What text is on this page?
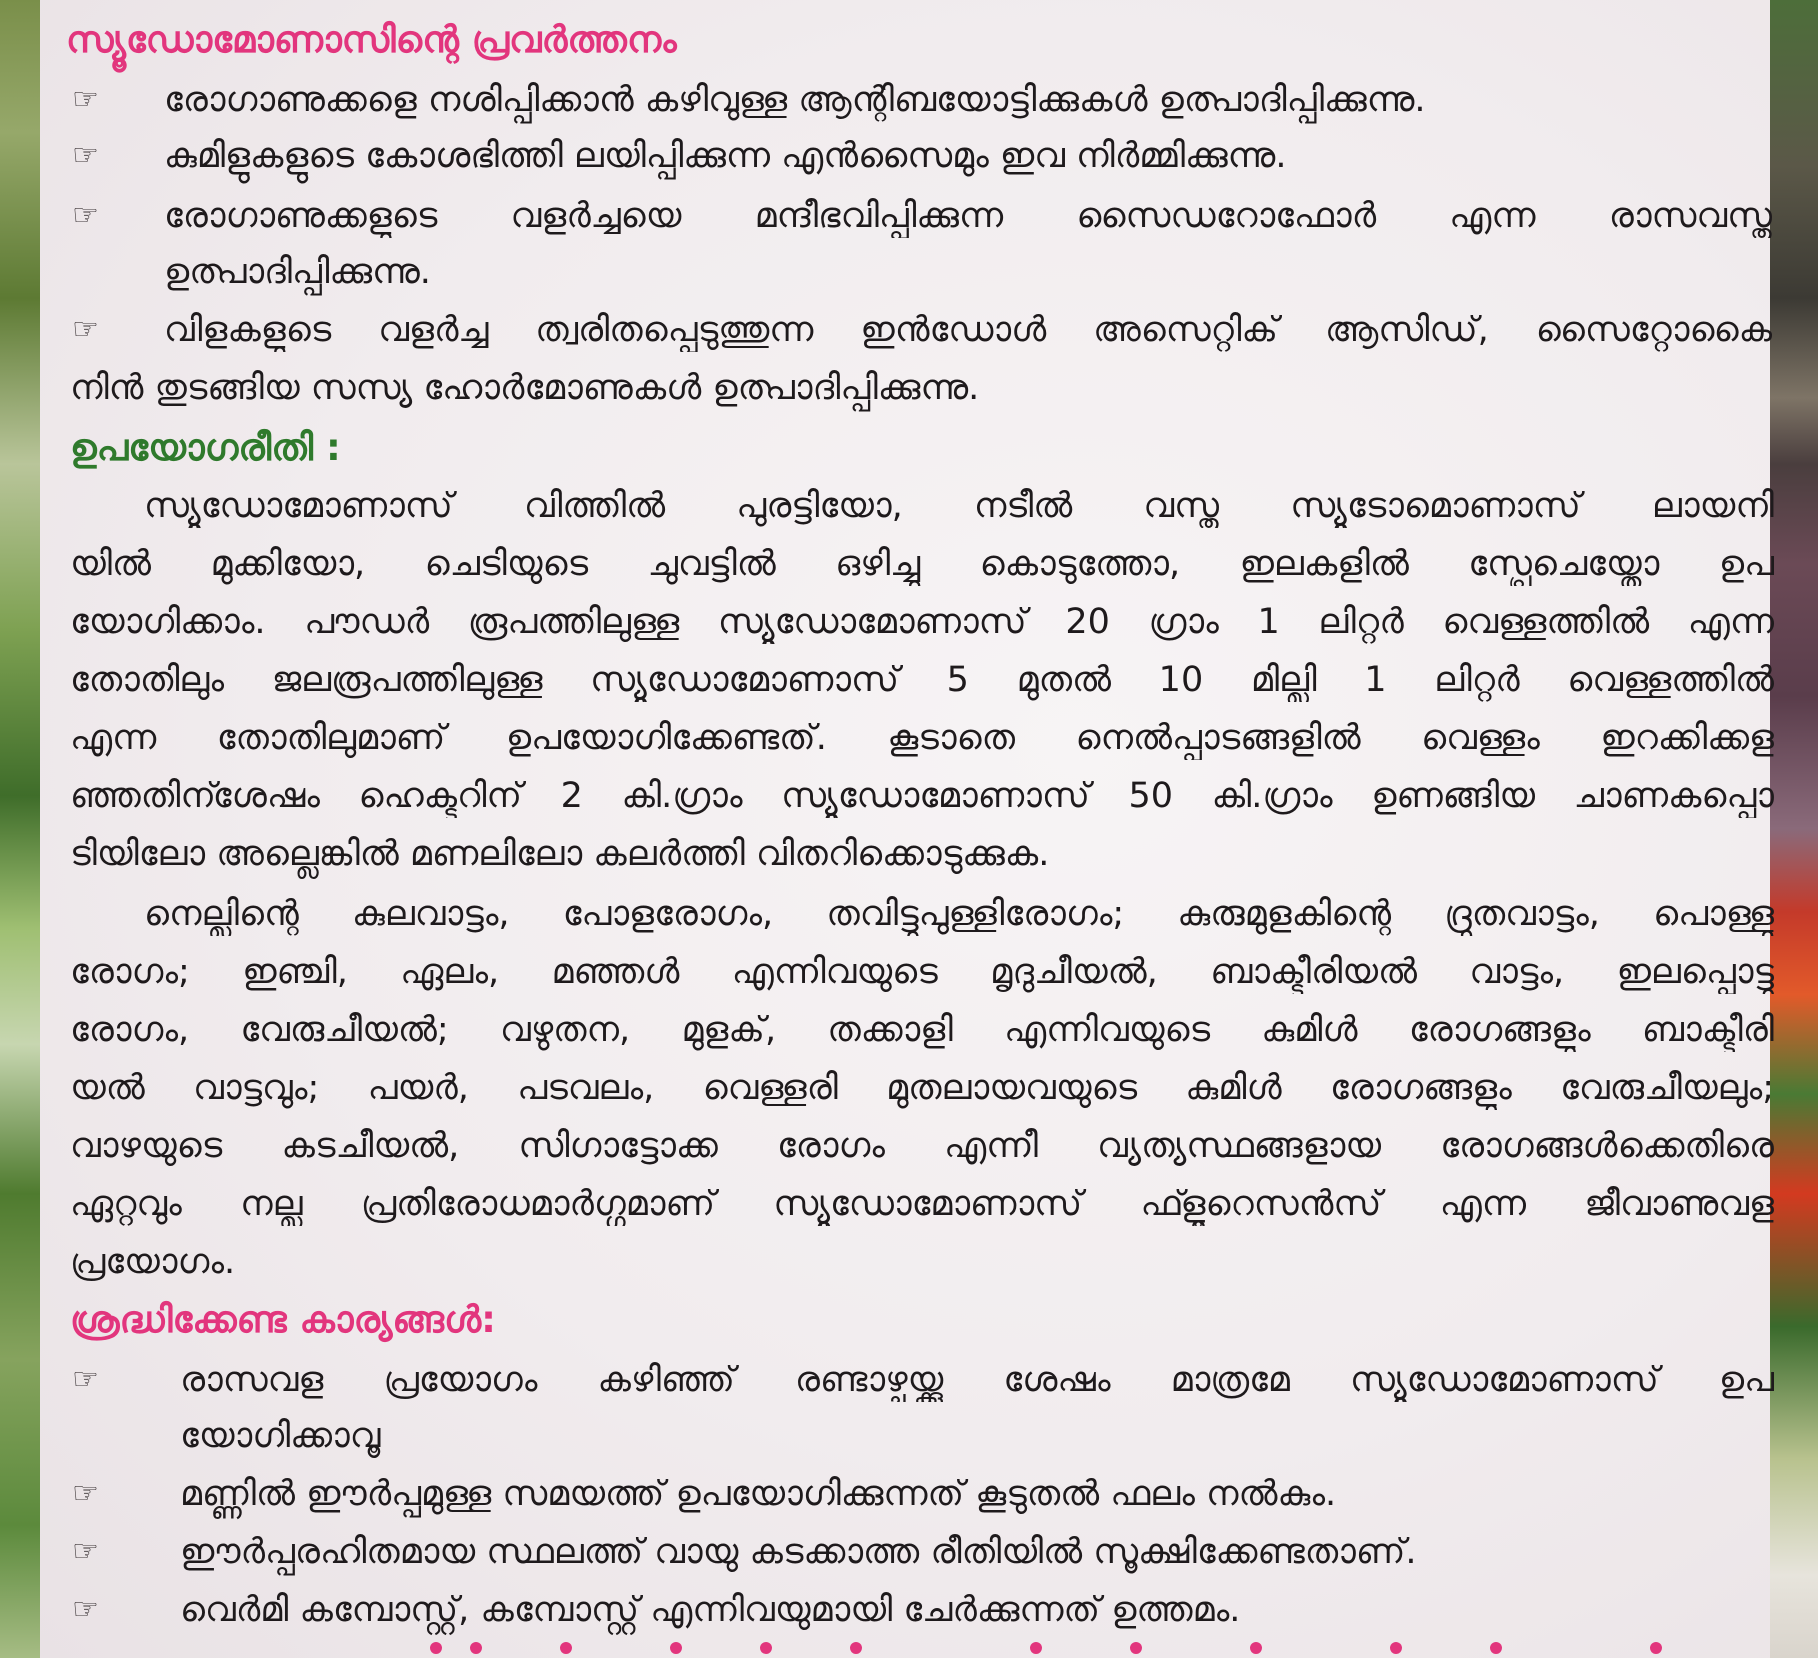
സ്യൂഡോമോണാസിന്റെ പ്രവർത്തനം
☞ രോഗാണുക്കളെ നശിപ്പിക്കാൻ കഴിവുള്ള ആന്റിബയോട്ടിക്കുകൾ ഉത്പാദിപ്പിക്കുന്നു.
☞ കുമിളുകളുടെ കോശഭിത്തി ലയിപ്പിക്കുന്ന എൻസൈമും ഇവ നിർമ്മിക്കുന്നു.
☞ രോഗാണുക്കളുടെ വളർച്ചയെ മന്ദീഭവിപ്പിക്കുന്ന സൈഡറോഫോർ എന്ന രാസവസ്തു
ഉത്പാദിപ്പിക്കുന്നു.
☞ വിളകളുടെ വളർച്ച ത്വരിതപ്പെടുത്തുന്ന ഇൻഡോൾ അസെറ്റിക് ആസിഡ്, സൈറ്റോകൈ
നിൻ തുടങ്ങിയ സസ്യ ഹോർമോണുകൾ ഉത്പാദിപ്പിക്കുന്നു.
ഉപയോഗരീതി :
സ്യൂഡോമോണാസ് വിത്തിൽ പുരട്ടിയോ, നടീൽ വസ്തു സ്യൂടോമൊണാസ് ലായനി
യിൽ മുക്കിയോ, ചെടിയുടെ ചുവട്ടിൽ ഒഴിച്ചു കൊടുത്തോ, ഇലകളിൽ സ്പ്രേചെയ്തോ ഉപ
യോഗിക്കാം. പൗഡർ രൂപത്തിലുള്ള സ്യൂഡോമോണാസ് 20 ഗ്രാം 1 ലിറ്റർ വെള്ളത്തിൽ എന്ന
തോതിലും ജലരൂപത്തിലുള്ള സ്യൂഡോമോണാസ് 5 മുതൽ 10 മില്ലി 1 ലിറ്റർ വെള്ളത്തിൽ
എന്ന തോതിലുമാണ് ഉപയോഗിക്കേണ്ടത്. കൂടാതെ നെൽപ്പാടങ്ങളിൽ വെള്ളം ഇറക്കിക്കള
ഞ്ഞതിന്ശേഷം ഹെക്ടറിന് 2 കി.ഗ്രാം സ്യൂഡോമോണാസ് 50 കി.ഗ്രാം ഉണങ്ങിയ ചാണകപ്പൊ
ടിയിലോ അല്ലെങ്കിൽ മണലിലോ കലർത്തി വിതറിക്കൊടുക്കുക.
നെല്ലിന്റെ കുലവാട്ടം, പോളരോഗം, തവിട്ടുപുള്ളിരോഗം; കുരുമുളകിന്റെ ദ്രുതവാട്ടം, പൊള്ളു
രോഗം; ഇഞ്ചി, ഏലം, മഞ്ഞൾ എന്നിവയുടെ മൃദുചീയൽ, ബാക്ടീരിയൽ വാട്ടം, ഇലപ്പൊട്ടു
രോഗം, വേരുചീയൽ; വഴുതന, മുളക്, തക്കാളി എന്നിവയുടെ കുമിൾ രോഗങ്ങളും ബാക്ടീരി
യൽ വാട്ടവും; പയർ, പടവലം, വെള്ളരി മുതലായവയുടെ കുമിൾ രോഗങ്ങളും വേരുചീയലും;
വാഴയുടെ കടചീയൽ, സിഗാട്ടോക്ക രോഗം എന്നീ വ്യത്യസ്ഥങ്ങളായ രോഗങ്ങൾക്കെതിരെ
ഏറ്റവും നല്ല പ്രതിരോധമാർഗ്ഗമാണ് സ്യൂഡോമോണാസ് ഫ്ളൂറെസൻസ് എന്ന ജീവാണുവള
പ്രയോഗം.
ശ്രദ്ധിക്കേണ്ട കാര്യങ്ങൾ:
☞ രാസവള പ്രയോഗം കഴിഞ്ഞ് രണ്ടാഴ്ചയ്ക്കു ശേഷം മാത്രമേ സ്യൂഡോമോണാസ് ഉപ
യോഗിക്കാവൂ
☞ മണ്ണിൽ ഈർപ്പമുള്ള സമയത്ത് ഉപയോഗിക്കുന്നത് കൂടുതൽ ഫലം നൽകും.
☞ ഈർപ്പരഹിതമായ സ്ഥലത്ത് വായു കടക്കാത്ത രീതിയിൽ സൂക്ഷിക്കേണ്ടതാണ്.
☞ വെർമി കമ്പോസ്റ്റ്, കമ്പോസ്റ്റ് എന്നിവയുമായി ചേർക്കുന്നത് ഉത്തമം.
